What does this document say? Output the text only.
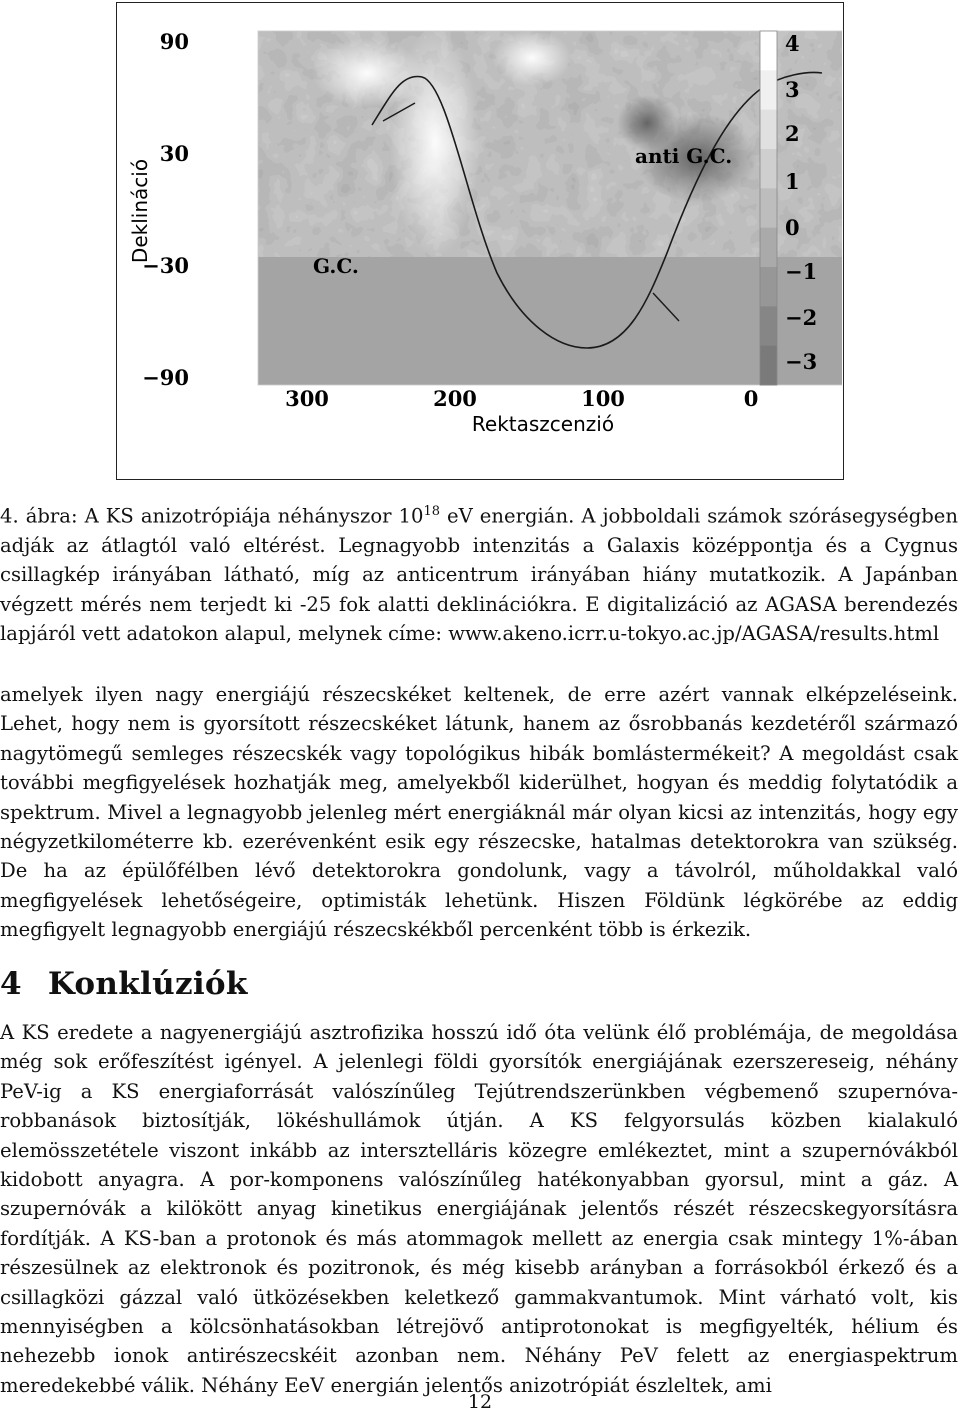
G.C.
anti G.C.
Deklináció
Rektaszcenzió
90
30
−30
−90
300	200	100	0
4
3
2
1
0
−1
−2
−3

4. ábra: A KS anizotrópiája néhányszor $10^{18}$ eV energián. A jobboldali számok szórásegységben adják az átlagtól való eltérést. Legnagyobb intenzitás a Galaxis középpontja és a Cygnus csillagkép irányában látható, míg az anticentrum irányában hiány mutatkozik. A Japánban végzett mérés nem terjedt ki -25 fok alatti deklinációkra. E digitalizáció az AGASA berendezés lapjáról vett adatokon alapul, melynek címe: www.akeno.icrr.u-tokyo.ac.jp/AGASA/results.html

amelyek ilyen nagy energiájú részecskéket keltenek, de erre azért vannak elképzeléseink. Lehet, hogy nem is gyorsított részecskéket látunk, hanem az ősrobbanás kezdetéről származó nagytömegű semleges részecskék vagy topológikus hibák bomlástermékeit? A megoldást csak további megfigyelések hozhatják meg, amelyekből kiderülhet, hogyan és meddig folytatódik a spektrum. Mivel a legnagyobb jelenleg mért energiáknál már olyan kicsi az intenzitás, hogy egy négyzetkilométerre kb. ezerévenként esik egy részecske, hatalmas detektorokra van szükség. De ha az épülőfélben lévő detektorokra gondolunk, vagy a távolról, műholdakkal való megfigyelések lehetőségeire, optimisták lehetünk. Hiszen Földünk légkörébe az eddig megfigyelt legnagyobb energiájú részecskékből percenként több is érkezik.

4 Konklúziók

A KS eredete a nagyenergiájú asztrofizika hosszú idő óta velünk élő problémája, de megoldása még sok erőfeszítést igényel. A jelenlegi földi gyorsítók energiájának ezerszereseig, néhány PeV-ig a KS energiaforrását valószínűleg Tejútrendszerünkben végbemenő szupernóva-robbanások biztosítják, lökéshullámok útján. A KS felgyorsulás közben kialakuló elemösszetétele viszont inkább az intersztelláris közegre emlékeztet, mint a szupernóvákból kidobott anyagra. A por-komponens valószínűleg hatékonyabban gyorsul, mint a gáz. A szupernóvák a kilökött anyag kinetikus energiájának jelentős részét részecskegyorsításra fordítják. A KS-ban a protonok és más atommagok mellett az energia csak mintegy 1%-ában részesülnek az elektronok és pozitronok, és még kisebb arányban a forrásokból érkező és a csillagközi gázzal való ütközésekben keletkező gammakvantumok. Mint várható volt, kis mennyiségben a kölcsönhatásokban létrejövő antiprotonokat is megfigyelték, hélium és nehezebb ionok antirészecskéit azonban nem. Néhány PeV felett az energiaspektrum meredekebbé válik. Néhány EeV energián jelentős anizotrópiát észleltek, ami

12
